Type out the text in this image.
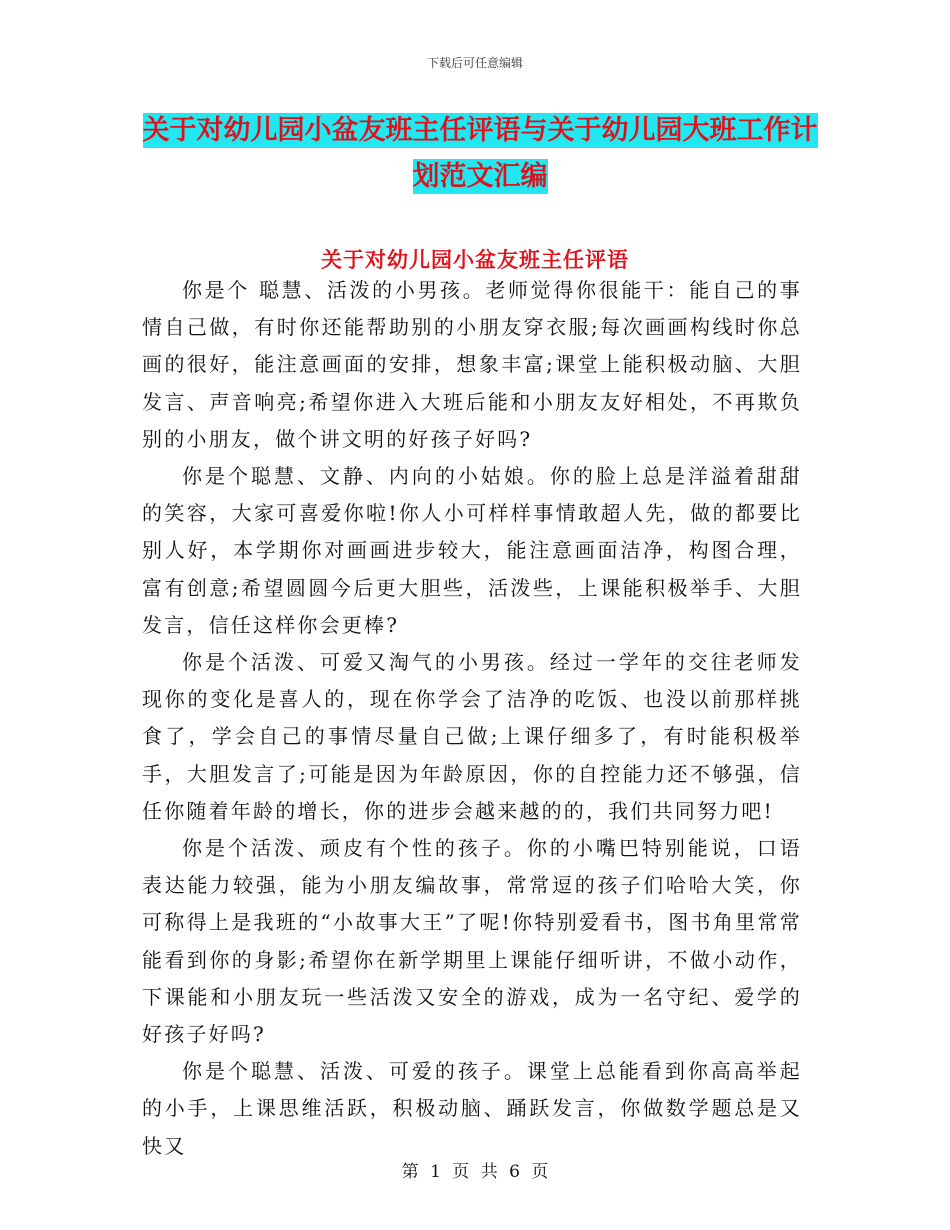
下载后可任意编辑
关于对幼儿园小盆友班主任评语与关于幼儿园大班工作计划范文汇编
关于对幼儿园小盆友班主任评语

你是个 聪慧、活泼的小男孩。老师觉得你很能干：能自己的事情自己做，有时你还能帮助别的小朋友穿衣服;每次画画构线时你总画的很好，能注意画面的安排，想象丰富;课堂上能积极动脑、大胆发言、声音响亮;希望你进入大班后能和小朋友友好相处，不再欺负别的小朋友，做个讲文明的好孩子好吗?

你是个聪慧、文静、内向的小姑娘。你的脸上总是洋溢着甜甜的笑容，大家可喜爱你啦!你人小可样样事情敢超人先，做的都要比别人好，本学期你对画画进步较大，能注意画面洁净，构图合理，富有创意;希望圆圆今后更大胆些，活泼些，上课能积极举手、大胆发言，信任这样你会更棒?

你是个活泼、可爱又淘气的小男孩。经过一学年的交往老师发现你的变化是喜人的，现在你学会了洁净的吃饭、也没以前那样挑食了，学会自己的事情尽量自己做;上课仔细多了，有时能积极举手，大胆发言了;可能是因为年龄原因，你的自控能力还不够强，信任你随着年龄的增长，你的进步会越来越的的，我们共同努力吧!

你是个活泼、顽皮有个性的孩子。你的小嘴巴特别能说，口语表达能力较强，能为小朋友编故事，常常逗的孩子们哈哈大笑，你可称得上是我班的“小故事大王”了呢!你特别爱看书，图书角里常常能看到你的身影;希望你在新学期里上课能仔细听讲，不做小动作，下课能和小朋友玩一些活泼又安全的游戏，成为一名守纪、爱学的好孩子好吗?

你是个聪慧、活泼、可爱的孩子。课堂上总能看到你高高举起的小手，上课思维活跃，积极动脑、踊跃发言，你做数学题总是又快又

第 1 页 共 6 页
